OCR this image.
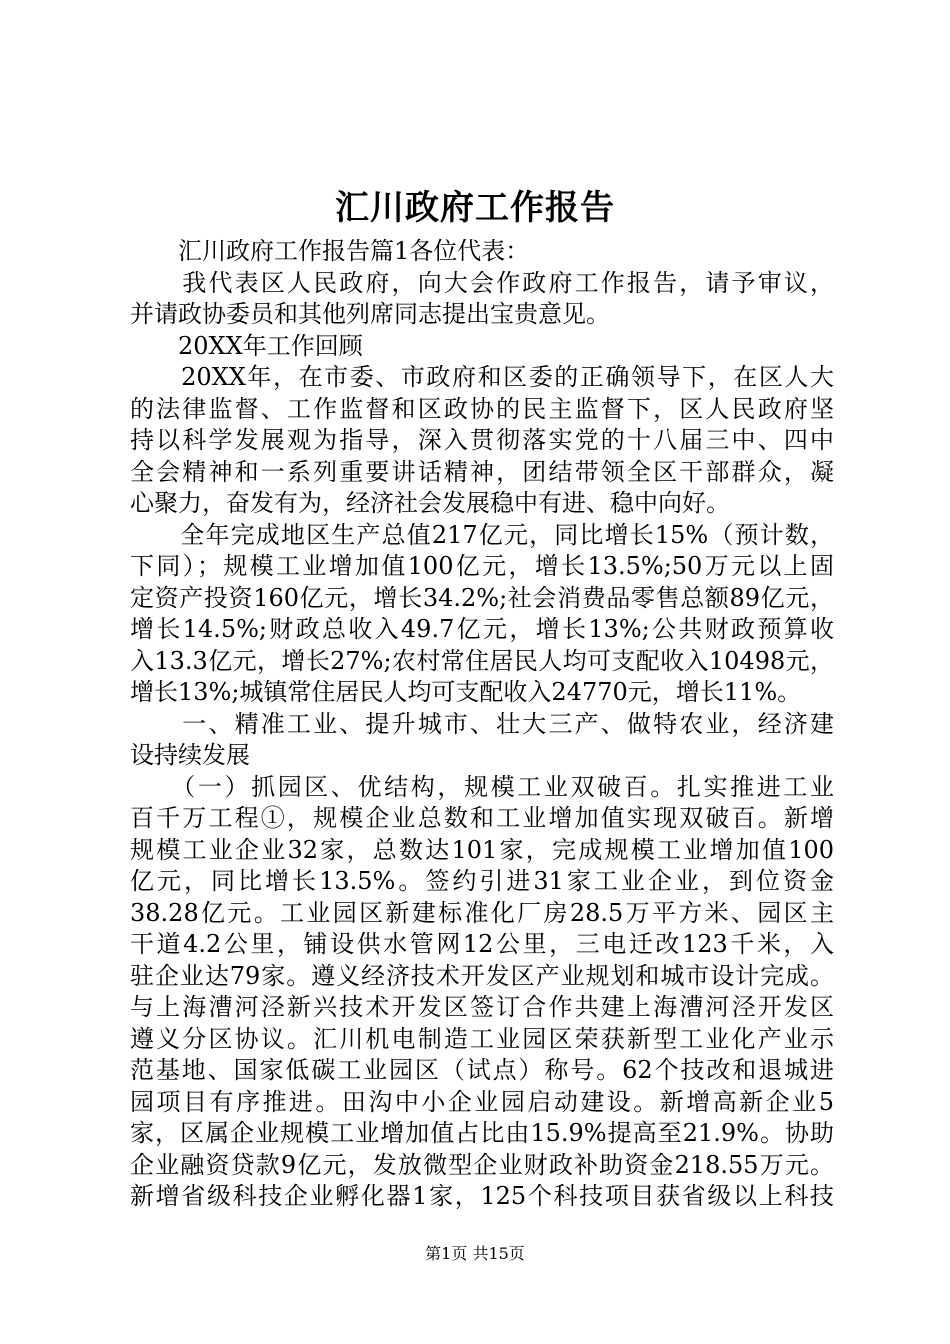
汇川政府工作报告
　　汇川政府工作报告篇1各位代表：
　　我代表区人民政府，向大会作政府工作报告，请予审议，
并请政协委员和其他列席同志提出宝贵意见。
　　20XX年工作回顾
　　20XX年，在市委、市政府和区委的正确领导下，在区人大
的法律监督、工作监督和区政协的民主监督下，区人民政府坚
持以科学发展观为指导，深入贯彻落实党的十八届三中、四中
全会精神和一系列重要讲话精神，团结带领全区干部群众，凝
心聚力，奋发有为，经济社会发展稳中有进、稳中向好。
　　全年完成地区生产总值217亿元，同比增长15%（预计数，
下同）；规模工业增加值100亿元，增长13.5%;50万元以上固
定资产投资160亿元，增长34.2%;社会消费品零售总额89亿元，
增长14.5%;财政总收入49.7亿元，增长13%;公共财政预算收
入13.3亿元，增长27%;农村常住居民人均可支配收入10498元，
增长13%;城镇常住居民人均可支配收入24770元，增长11%。
　　一、精准工业、提升城市、壮大三产、做特农业，经济建
设持续发展
　　（一）抓园区、优结构，规模工业双破百。扎实推进工业
百千万工程①，规模企业总数和工业增加值实现双破百。新增
规模工业企业32家，总数达101家，完成规模工业增加值100
亿元，同比增长13.5%。签约引进31家工业企业，到位资金
38.28亿元。工业园区新建标准化厂房28.5万平方米、园区主
干道4.2公里，铺设供水管网12公里，三电迁改123千米，入
驻企业达79家。遵义经济技术开发区产业规划和城市设计完成。
与上海漕河泾新兴技术开发区签订合作共建上海漕河泾开发区
遵义分区协议。汇川机电制造工业园区荣获新型工业化产业示
范基地、国家低碳工业园区（试点）称号。62个技改和退城进
园项目有序推进。田沟中小企业园启动建设。新增高新企业5
家，区属企业规模工业增加值占比由15.9%提高至21.9%。协助
企业融资贷款9亿元，发放微型企业财政补助资金218.55万元。
新增省级科技企业孵化器1家，125个科技项目获省级以上科技
第1页 共15页
